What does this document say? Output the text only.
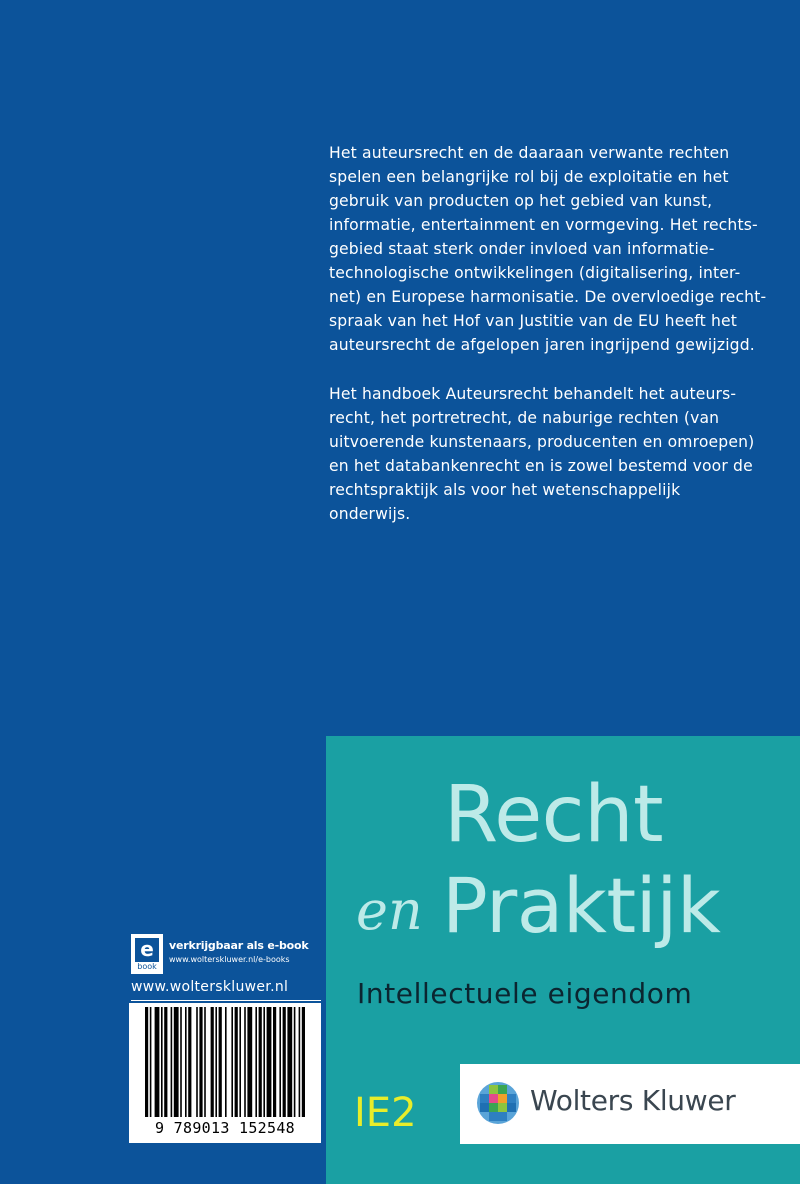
Het auteursrecht en de daaraan verwante rechten
spelen een belangrijke rol bij de exploitatie en het
gebruik van producten op het gebied van kunst,
informatie, entertainment en vormgeving. Het rechts-
gebied staat sterk onder invloed van informatie-
technologische ontwikkelingen (digitalisering, inter-
net) en Europese harmonisatie. De overvloedige recht-
spraak van het Hof van Justitie van de EU heeft het
auteursrecht de afgelopen jaren ingrijpend gewijzigd.

Het handboek Auteursrecht behandelt het auteurs-
recht, het portretrecht, de naburige rechten (van
uitvoerende kunstenaars, producenten en omroepen)
en het databankenrecht en is zowel bestemd voor de
rechtspraktijk als voor het wetenschappelijk
onderwijs.

e
book
verkrijgbaar als e-book
www.wolterskluwer.nl/e-books
www.wolterskluwer.nl
9 789013 152548
Recht
en Praktijk
Intellectuele eigendom
IE2	Wolters Kluwer
